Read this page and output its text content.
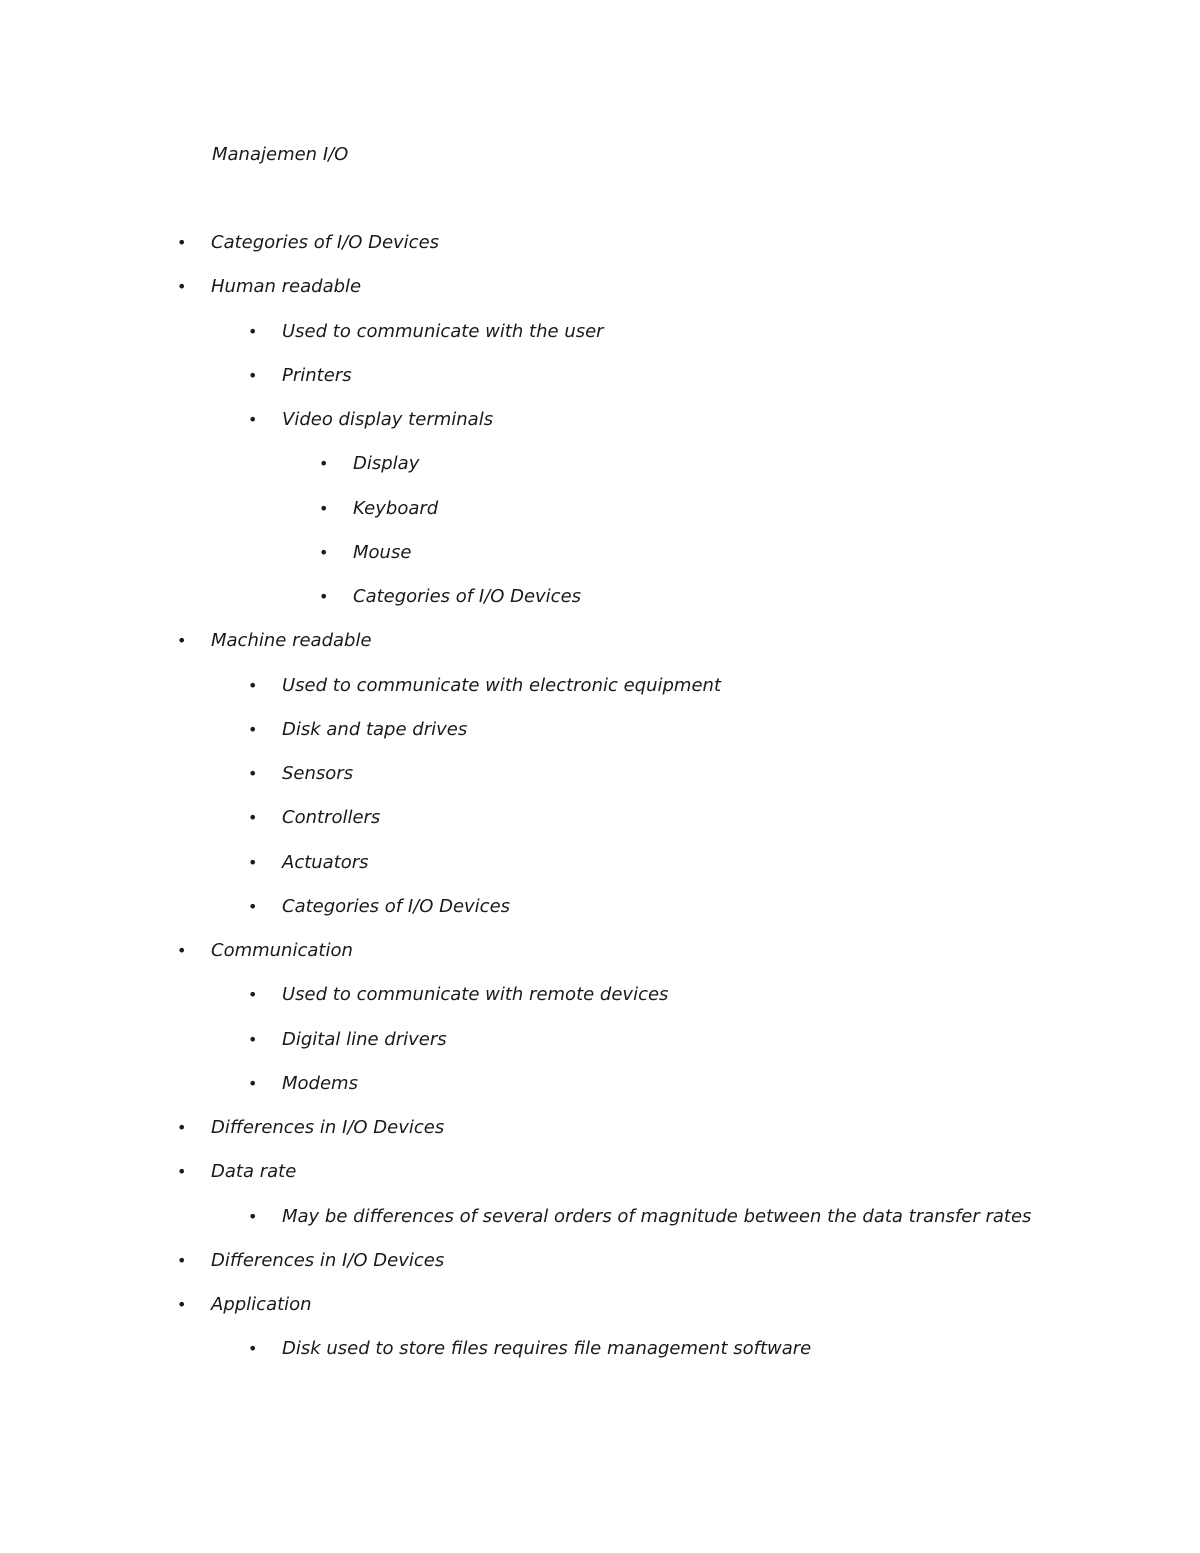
Manajemen I/O
• Categories of I/O Devices
• Human readable
• Used to communicate with the user
• Printers
• Video display terminals
• Display
• Keyboard
• Mouse
• Categories of I/O Devices
• Machine readable
• Used to communicate with electronic equipment
• Disk and tape drives
• Sensors
• Controllers
• Actuators
• Categories of I/O Devices
• Communication
• Used to communicate with remote devices
• Digital line drivers
• Modems
• Differences in I/O Devices
• Data rate
• May be differences of several orders of magnitude between the data transfer rates
• Differences in I/O Devices
• Application
• Disk used to store files requires file management software
